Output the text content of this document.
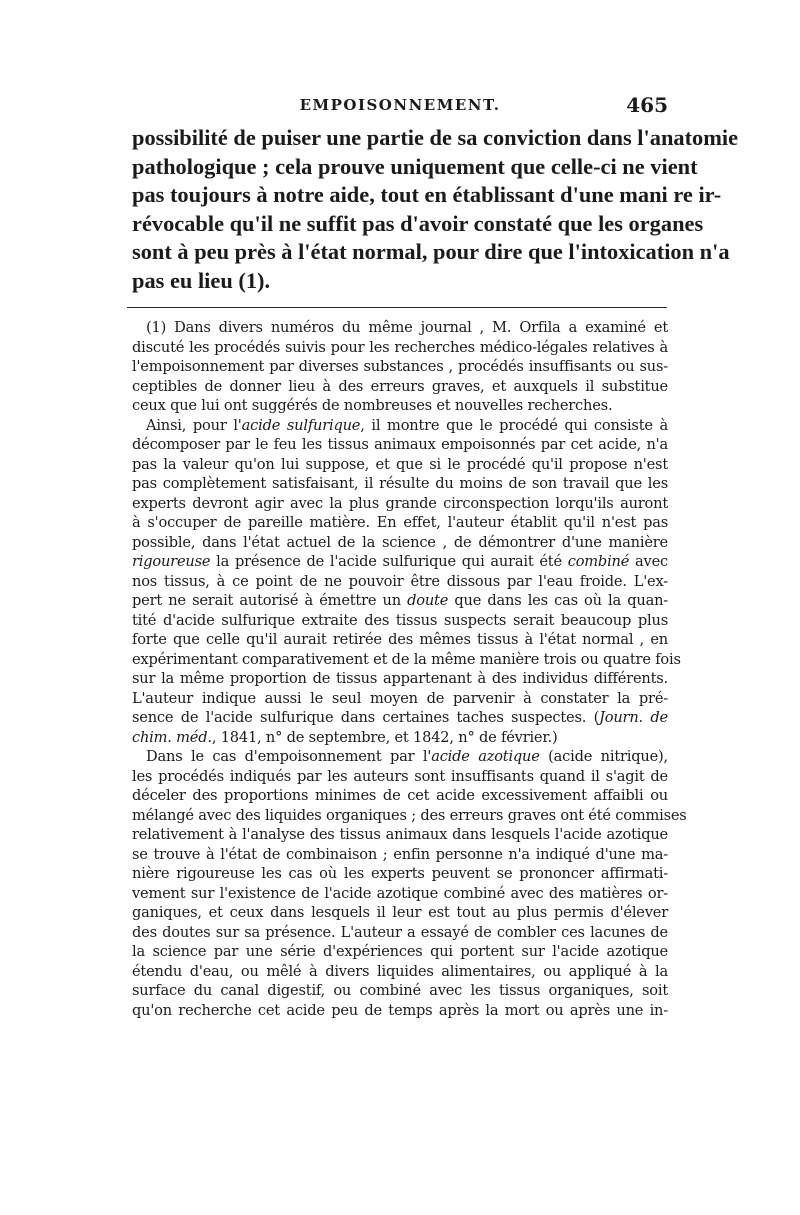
EMPOISONNEMENT.	465
possibilité de puiser une partie de sa conviction dans l'anatomie
pathologique ; cela prouve uniquement que celle-ci ne vient
pas toujours à notre aide, tout en établissant d'une mani re ir-
révocable qu'il ne suffit pas d'avoir constaté que les organes
sont à peu près à l'état normal, pour dire que l'intoxication n'a
pas eu lieu (1).
(1) Dans divers numéros du même journal , M. Orfila a examiné et
discuté les procédés suivis pour les recherches médico-légales relatives à
l'empoisonnement par diverses substances , procédés insuffisants ou sus-
ceptibles de donner lieu à des erreurs graves, et auxquels il substitue
ceux que lui ont suggérés de nombreuses et nouvelles recherches.
Ainsi, pour l'acide sulfurique, il montre que le procédé qui consiste à
décomposer par le feu les tissus animaux empoisonnés par cet acide, n'a
pas la valeur qu'on lui suppose, et que si le procédé qu'il propose n'est
pas complètement satisfaisant, il résulte du moins de son travail que les
experts devront agir avec la plus grande circonspection lorqu'ils auront
à s'occuper de pareille matière. En effet, l'auteur établit qu'il n'est pas
possible, dans l'état actuel de la science , de démontrer d'une manière
rigoureuse la présence de l'acide sulfurique qui aurait été combiné avec
nos tissus, à ce point de ne pouvoir être dissous par l'eau froide. L'ex-
pert ne serait autorisé à émettre un doute que dans les cas où la quan-
tité d'acide sulfurique extraite des tissus suspects serait beaucoup plus
forte que celle qu'il aurait retirée des mêmes tissus à l'état normal , en
expérimentant comparativement et de la même manière trois ou quatre fois
sur la même proportion de tissus appartenant à des individus différents.
L'auteur indique aussi le seul moyen de parvenir à constater la pré-
sence de l'acide sulfurique dans certaines taches suspectes. (Journ. de
chim. méd., 1841, n° de septembre, et 1842, n° de février.)
Dans le cas d'empoisonnement par l'acide azotique (acide nitrique),
les procédés indiqués par les auteurs sont insuffisants quand il s'agit de
déceler des proportions minimes de cet acide excessivement affaibli ou
mélangé avec des liquides organiques ; des erreurs graves ont été commises
relativement à l'analyse des tissus animaux dans lesquels l'acide azotique
se trouve à l'état de combinaison ; enfin personne n'a indiqué d'une ma-
nière rigoureuse les cas où les experts peuvent se prononcer affirmati-
vement sur l'existence de l'acide azotique combiné avec des matières or-
ganiques, et ceux dans lesquels il leur est tout au plus permis d'élever
des doutes sur sa présence. L'auteur a essayé de combler ces lacunes de
la science par une série d'expériences qui portent sur l'acide azotique
étendu d'eau, ou mêlé à divers liquides alimentaires, ou appliqué à la
surface du canal digestif, ou combiné avec les tissus organiques, soit
qu'on recherche cet acide peu de temps après la mort ou après une in-
